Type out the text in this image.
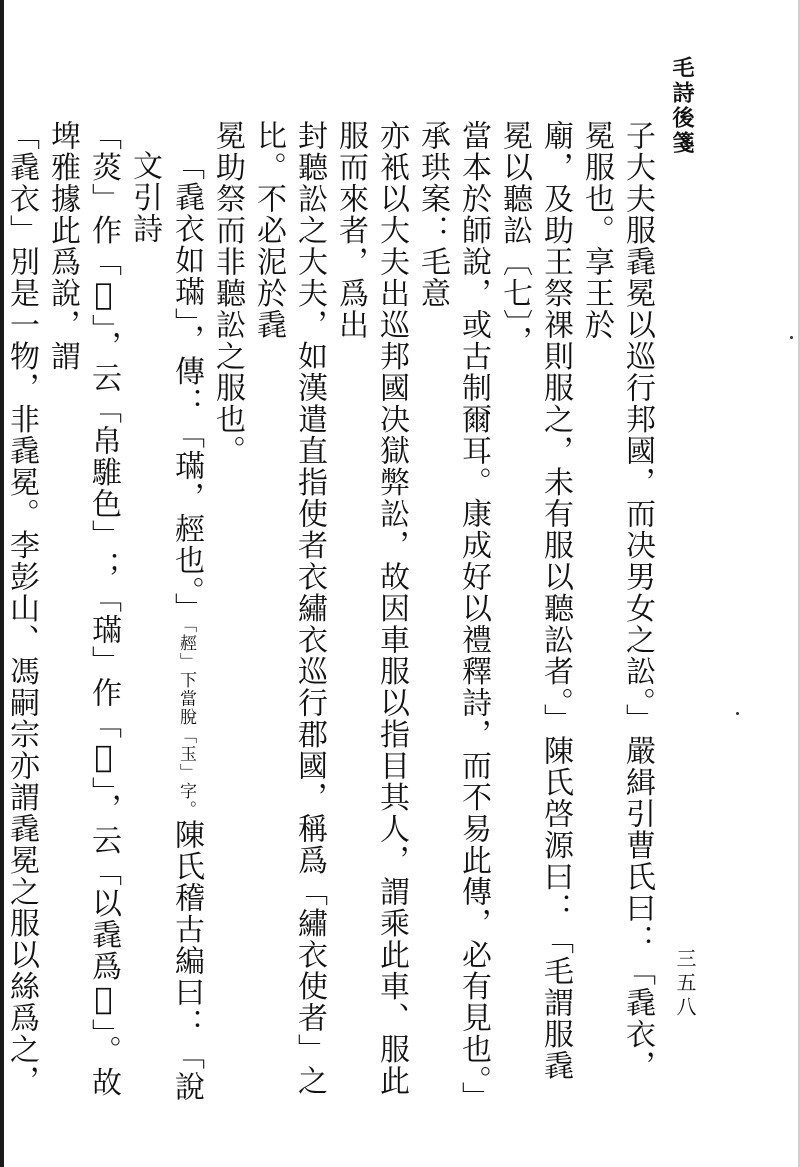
毛詩後箋
三五八
子大夫服毳冕以巡行邦國，而决男女之訟。」嚴緝引曹氏曰：「毳衣，冕服也。享王於
廟，及助王祭祼則服之，未有服以聽訟者。」陳氏啓源曰：「毛謂服毳冕以聽訟〔七〕，
當本於師說，或古制爾耳。康成好以禮釋詩，而不易此傳，必有見也。」承珙案：毛意
亦衹以大夫出巡邦國决獄弊訟，故因車服以指目其人，謂乘此車、服此服而來者，爲出
封聽訟之大夫，如漢遣直指使者衣繡衣巡行郡國，稱爲「繡衣使者」之比。不必泥於毳
冕助祭而非聽訟之服也。
「毳衣如璊」，傳：「璊，䞓也。」「䞓」下當脫「玉」字。陳氏稽古編曰：「說文引詩
「菼」作「𦂿」，云「帛騅色」；「璊」作「𧜀」，云「以毳爲𦃇」。故埤雅據此爲說，謂
「毳衣」別是一物，非毳冕。李彭山、馮嗣宗亦謂毳冕之服以絲爲之，
